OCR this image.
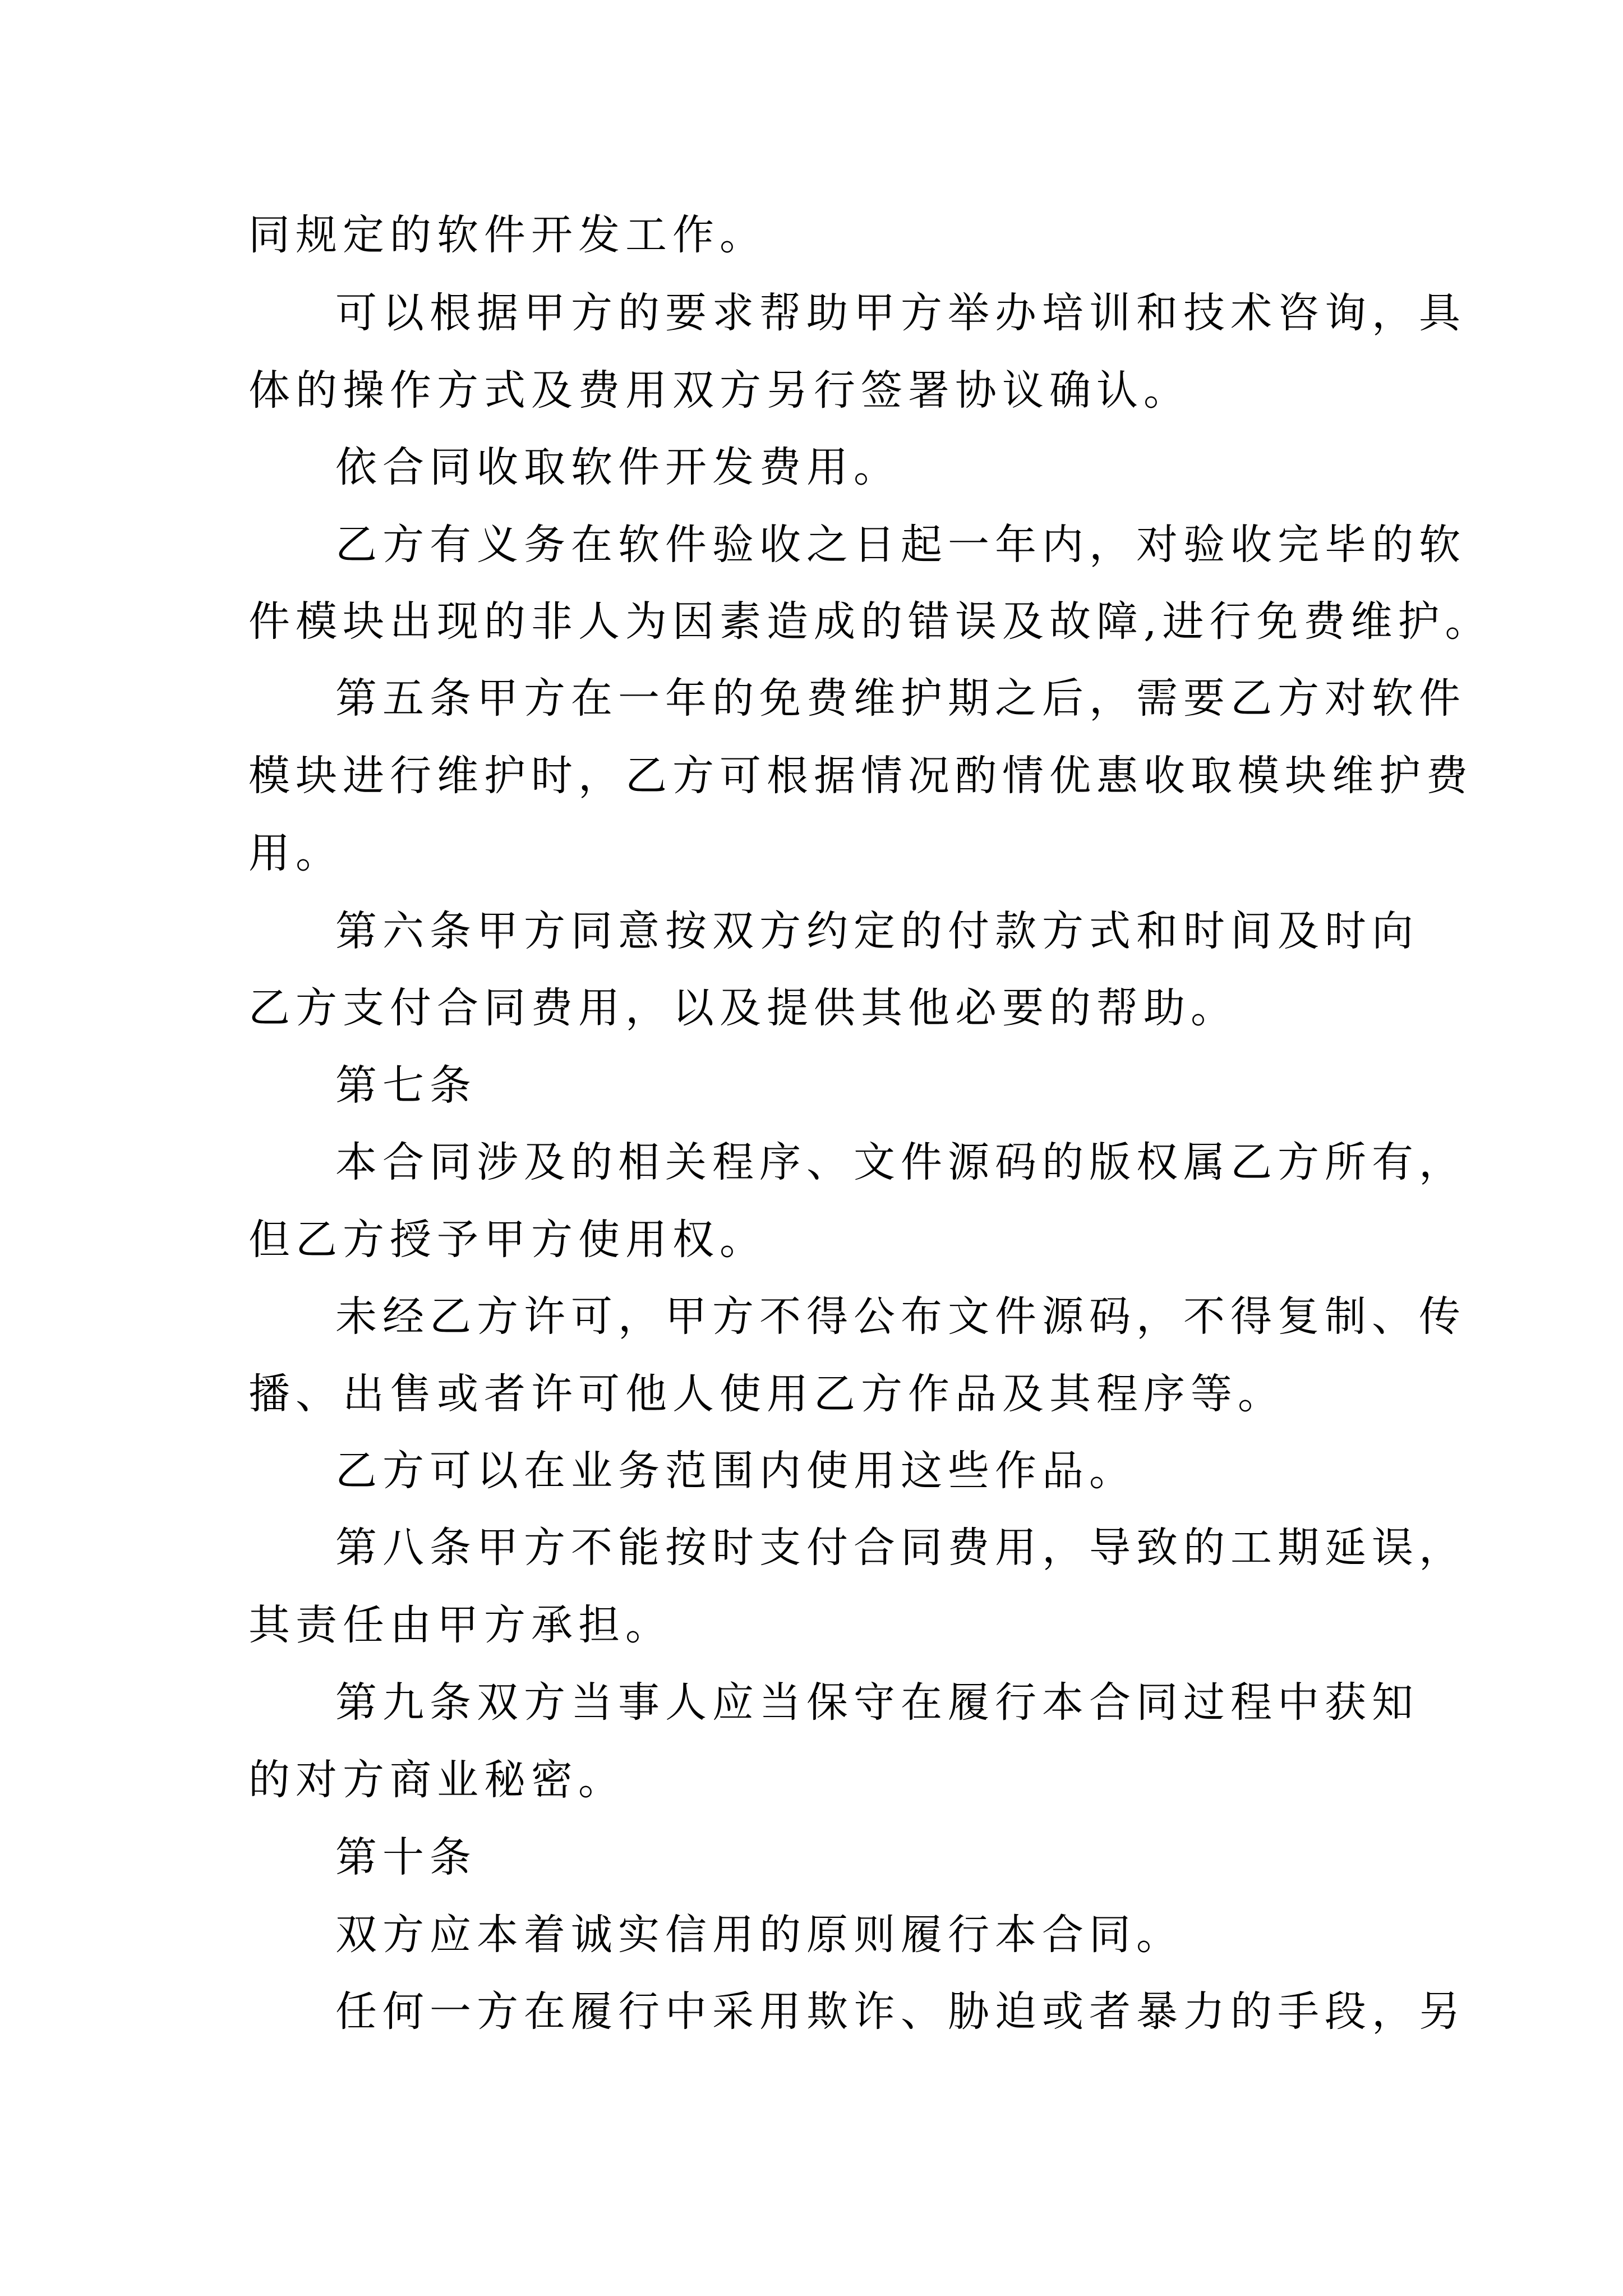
同规定的软件开发工作。
可以根据甲方的要求帮助甲方举办培训和技术咨询，具
体的操作方式及费用双方另行签署协议确认。
依合同收取软件开发费用。
乙方有义务在软件验收之日起一年内，对验收完毕的软
件模块出现的非人为因素造成的错误及故障,进行免费维护。
第五条甲方在一年的免费维护期之后，需要乙方对软件
模块进行维护时，乙方可根据情况酌情优惠收取模块维护费
用。
第六条甲方同意按双方约定的付款方式和时间及时向
乙方支付合同费用，以及提供其他必要的帮助。
第七条
本合同涉及的相关程序、文件源码的版权属乙方所有，
但乙方授予甲方使用权。
未经乙方许可，甲方不得公布文件源码，不得复制、传
播、出售或者许可他人使用乙方作品及其程序等。
乙方可以在业务范围内使用这些作品。
第八条甲方不能按时支付合同费用，导致的工期延误，
其责任由甲方承担。
第九条双方当事人应当保守在履行本合同过程中获知
的对方商业秘密。
第十条
双方应本着诚实信用的原则履行本合同。
任何一方在履行中采用欺诈、胁迫或者暴力的手段，另
